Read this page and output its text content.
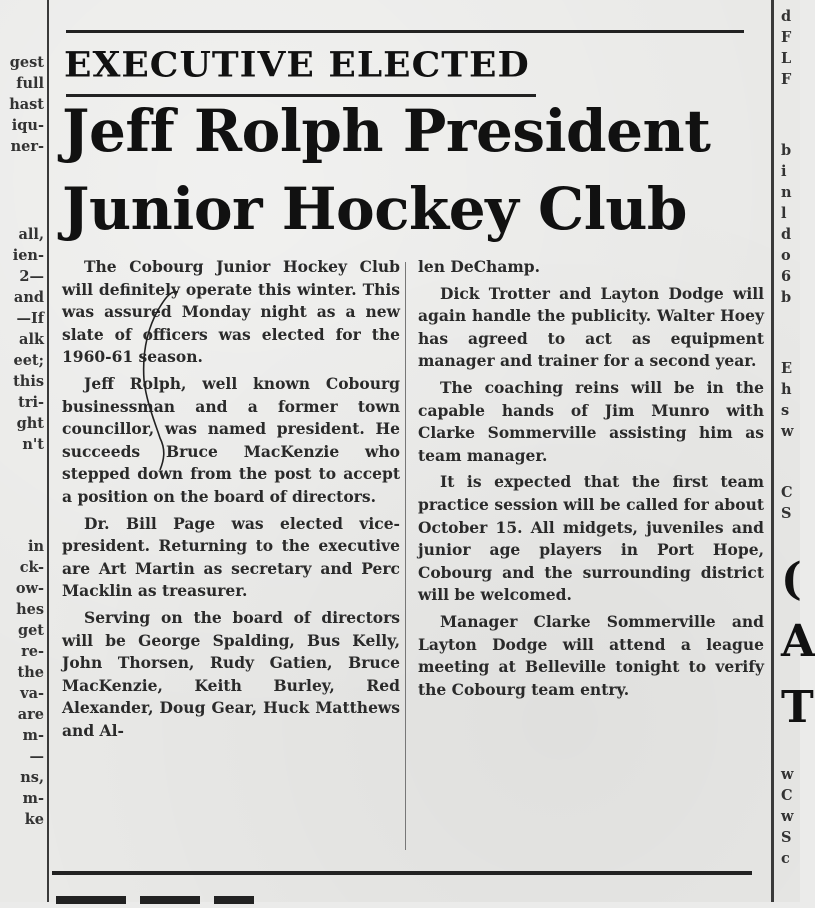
EXECUTIVE ELECTED
Jeff Rolph President
Junior Hockey Club

The Cobourg Junior Hockey Club will definitely operate this winter. This was assured Monday night as a new slate of officers was elected for the 1960-61 season.

Jeff Rolph, well known Cobourg businessman and a former town councillor, was named president. He succeeds Bruce MacKenzie who stepped down from the post to accept a position on the board of directors.

Dr. Bill Page was elected vice-president. Returning to the executive are Art Martin as secretary and Perc Macklin as treasurer.

Serving on the board of directors will be George Spalding, Bus Kelly, John Thorsen, Rudy Gatien, Bruce MacKenzie, Keith Burley, Red Alexander, Doug Gear, Huck Matthews and Al-

len DeChamp.

Dick Trotter and Layton Dodge will again handle the publicity. Walter Hoey has agreed to act as equipment manager and trainer for a second year.

The coaching reins will be in the capable hands of Jim Munro with Clarke Sommerville assisting him as team manager.

It is expected that the first team practice session will be called for about October 15. All midgets, juveniles and junior age players in Port Hope, Cobourg and the surrounding district will be welcomed.

Manager Clarke Sommerville and Layton Dodge will attend a league meeting at Belleville tonight to verify the Cobourg team entry.

gest
full
hast
iqu-
ner-
all,
ien-
2—
and
—If
alk
eet;
this
tri-
ght
n't
in
ck-
ow-
hes
get
re-
the
va-
are
m-
—
ns,
m-
ke
d
F
L
F
b
i
n
l
d
o
6
b
E
h
s
w
C
S
(
A
T
w
C
w
S
c
